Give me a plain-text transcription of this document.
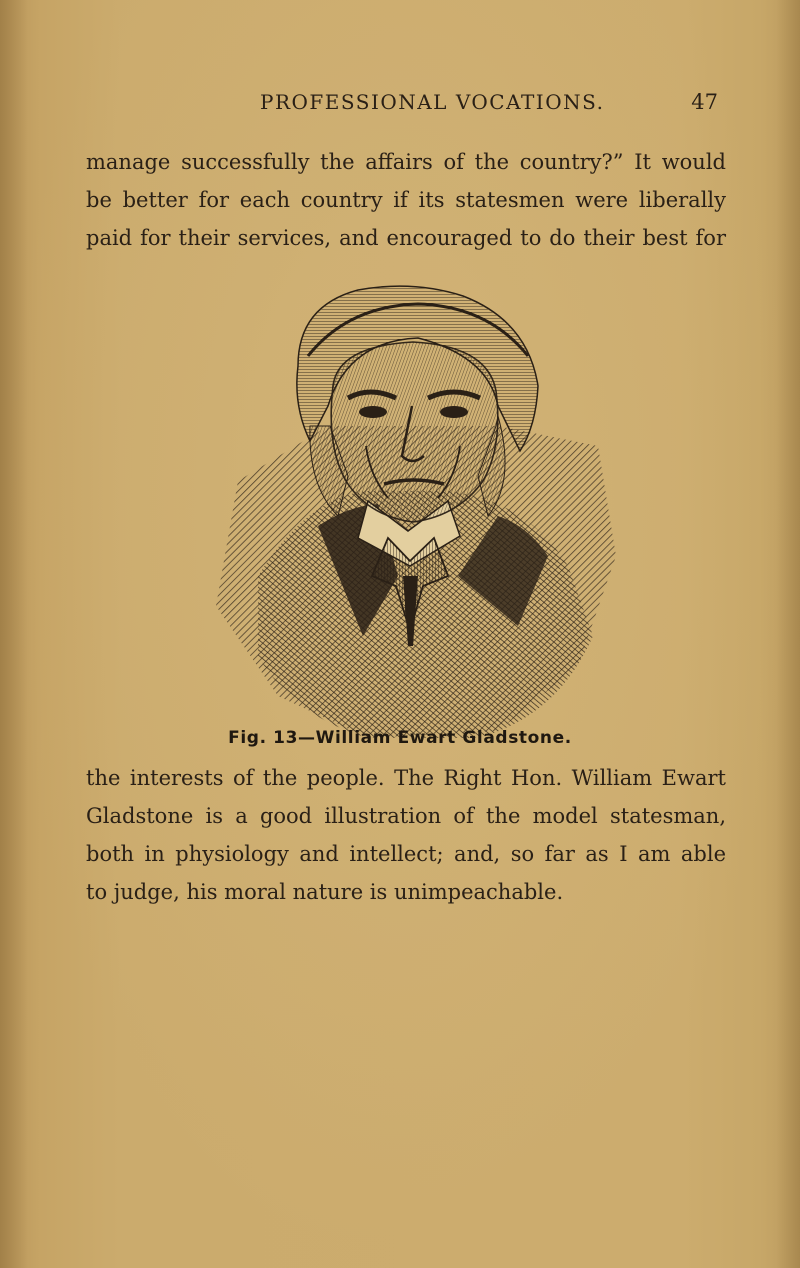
PROFESSIONAL VOCATIONS.	47
manage successfully the affairs of the country?” It would
be better for each country if its statesmen were liberally
paid for their services, and encouraged to do their best for
Fig. 13—William Ewart Gladstone.
the interests of the people. The Right Hon. William Ewart
Gladstone is a good illustration of the model statesman,
both in physiology and intellect; and, so far as I am able
to judge, his moral nature is unimpeachable.
